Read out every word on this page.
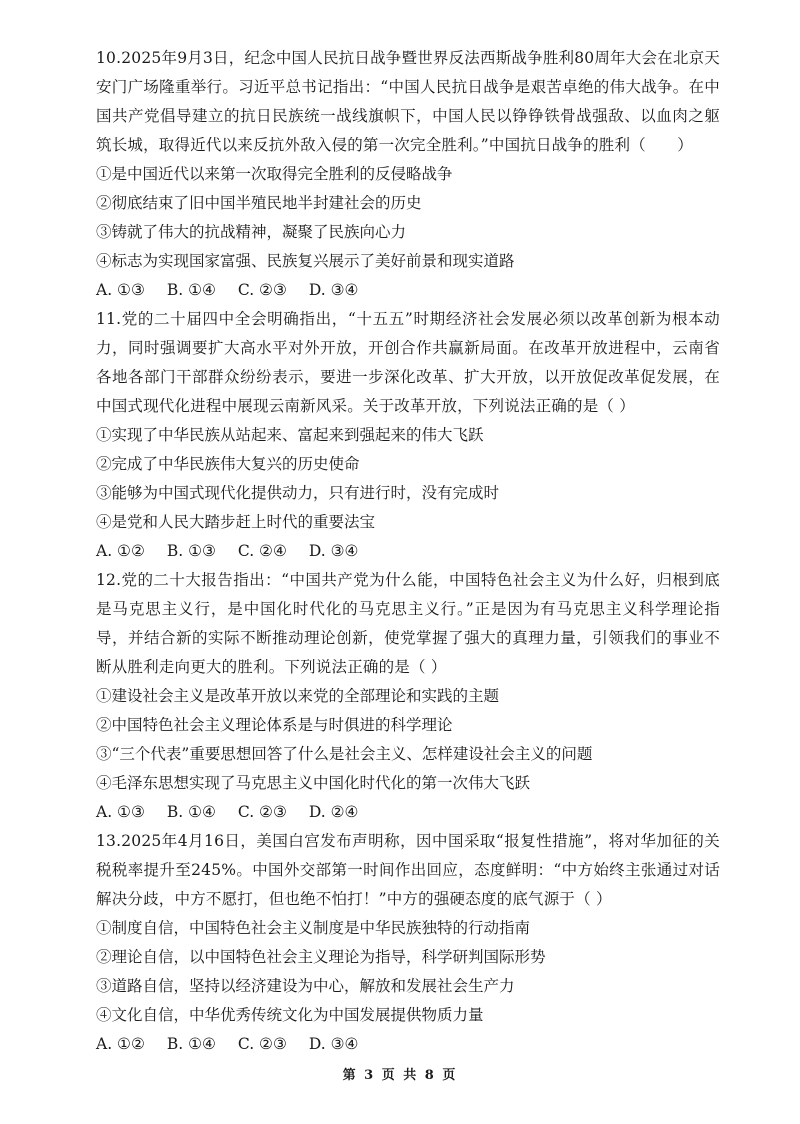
10.2025年9月3日，纪念中国人民抗日战争暨世界反法西斯战争胜利80周年大会在北京天安门广场隆重举行。习近平总书记指出：“中国人民抗日战争是艰苦卓绝的伟大战争。在中国共产党倡导建立的抗日民族统一战线旗帜下，中国人民以铮铮铁骨战强敌、以血肉之躯筑长城，取得近代以来反抗外敌入侵的第一次完全胜利。”中国抗日战争的胜利（　　）

①是中国近代以来第一次取得完全胜利的反侵略战争

②彻底结束了旧中国半殖民地半封建社会的历史

③铸就了伟大的抗战精神，凝聚了民族向心力

④标志为实现国家富强、民族复兴展示了美好前景和现实道路

A. ①③ B. ①④ C. ②③ D. ③④

11.党的二十届四中全会明确指出，“十五五”时期经济社会发展必须以改革创新为根本动力，同时强调要扩大高水平对外开放，开创合作共赢新局面。在改革开放进程中，云南省各地各部门干部群众纷纷表示，要进一步深化改革、扩大开放，以开放促改革促发展，在中国式现代化进程中展现云南新风采。关于改革开放，下列说法正确的是（ ）

①实现了中华民族从站起来、富起来到强起来的伟大飞跃

②完成了中华民族伟大复兴的历史使命

③能够为中国式现代化提供动力，只有进行时，没有完成时

④是党和人民大踏步赶上时代的重要法宝

A. ①② B. ①③ C. ②④ D. ③④

12.党的二十大报告指出：“中国共产党为什么能，中国特色社会主义为什么好，归根到底是马克思主义行，是中国化时代化的马克思主义行。”正是因为有马克思主义科学理论指导，并结合新的实际不断推动理论创新，使党掌握了强大的真理力量，引领我们的事业不断从胜利走向更大的胜利。下列说法正确的是（ ）

①建设社会主义是改革开放以来党的全部理论和实践的主题

②中国特色社会主义理论体系是与时俱进的科学理论

③“三个代表”重要思想回答了什么是社会主义、怎样建设社会主义的问题

④毛泽东思想实现了马克思主义中国化时代化的第一次伟大飞跃

A. ①③ B. ①④ C. ②③ D. ②④

13.2025年4月16日，美国白宫发布声明称，因中国采取“报复性措施”，将对华加征的关税税率提升至245%。中国外交部第一时间作出回应，态度鲜明：“中方始终主张通过对话解决分歧，中方不愿打，但也绝不怕打！”中方的强硬态度的底气源于（ ）

①制度自信，中国特色社会主义制度是中华民族独特的行动指南

②理论自信，以中国特色社会主义理论为指导，科学研判国际形势

③道路自信，坚持以经济建设为中心，解放和发展社会生产力

④文化自信，中华优秀传统文化为中国发展提供物质力量

A. ①② B. ①④ C. ②③ D. ③④

第 3 页 共 8 页
